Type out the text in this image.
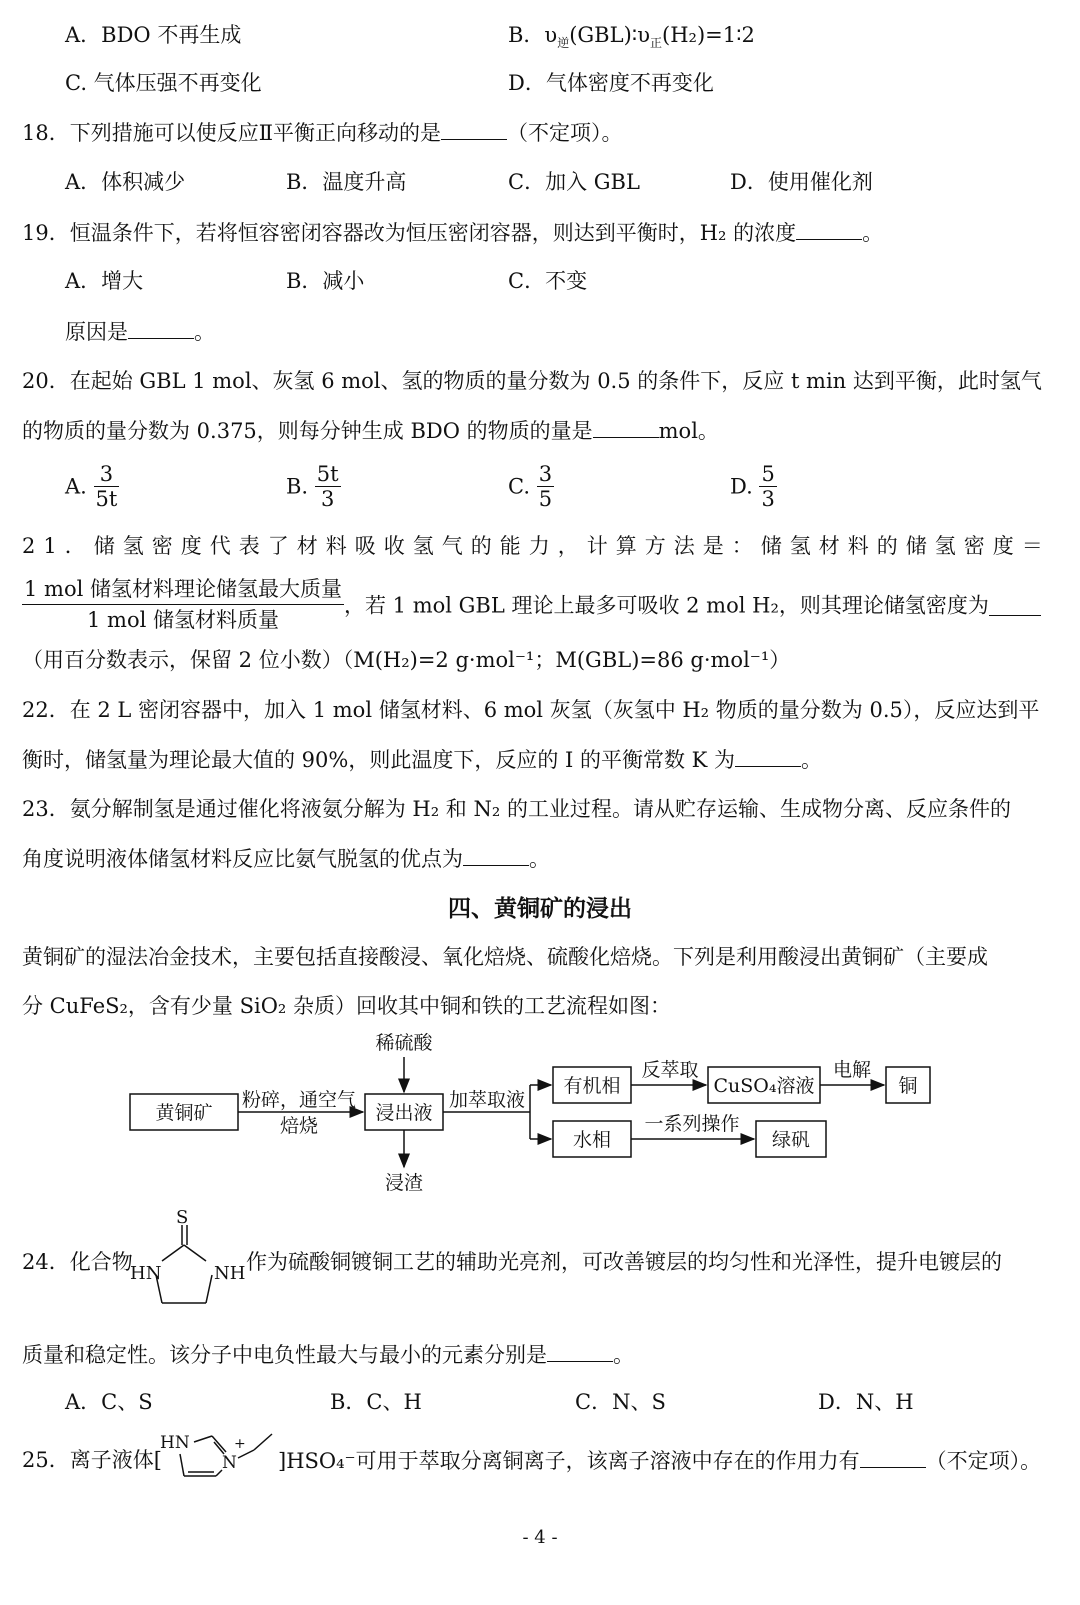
A．BDO 不再生成	B．$\upsilon_逆(GBL)∶\upsilon_正(H_2)=1∶2$
C. 气体压强不再变化	D．气体密度不再变化
18．下列措施可以使反应Ⅱ平衡正向移动的是	（不定项）。
A．体积减少	B．温度升高	C．加入 GBL	D．使用催化剂
19．恒温条件下，若将恒容密闭容器改为恒压密闭容器，则达到平衡时，H₂ 的浓度	。
A．增大	B．减小	C．不变
原因是	。
20．在起始 GBL 1 mol、灰氢 6 mol、氢的物质的量分数为 0.5 的条件下，反应 t min 达到平衡，此时氢气
的物质的量分数为 0.375，则每分钟生成 BDO 的物质的量是	mol。
A. $\frac{3}{5t}$	B. $\frac{5t}{3}$	C. $\frac{3}{5}$	D. $\frac{5}{3}$
21．储氢密度代表了材料吸收氢气的能力，计算方法是：储氢材料的储氢密度＝
$\frac{\text{1 mol 储氢材料理论储氢最大质量}}{\text{1 mol 储氢材料质量}}$ ，若 1 mol GBL 理论上最多可吸收 2 mol H₂，则其理论储氢密度为
（用百分数表示，保留 2 位小数）（M(H₂)=2 g·mol⁻¹；M(GBL)=86 g·mol⁻¹）
22．在 2 L 密闭容器中，加入 1 mol 储氢材料、6 mol 灰氢（灰氢中 H₂ 物质的量分数为 0.5），反应达到平
衡时，储氢量为理论最大值的 90%，则此温度下，反应的 I 的平衡常数 K 为	。
23．氨分解制氢是通过催化将液氨分解为 H₂ 和 N₂ 的工业过程。请从贮存运输、生成物分离、反应条件的
角度说明液体储氢材料反应比氨气脱氢的优点为	。
四、黄铜矿的浸出
黄铜矿的湿法冶金技术，主要包括直接酸浸、氧化焙烧、硫酸化焙烧。下列是利用酸浸出黄铜矿（主要成
分 CuFeS₂，含有少量 SiO₂ 杂质）回收其中铜和铁的工艺流程如图：
稀硫酸
黄铜矿
粉碎，通空气
焙烧
浸出液
加萃取液
浸渣
有机相
反萃取
CuSO₄溶液
电解
铜
水相
一系列操作
绿矾
24．化合物
S
HN	NH 作为硫酸铜镀铜工艺的辅助光亮剂，可改善镀层的均匀性和光泽性，提升电镀层的
质量和稳定性。该分子中电负性最大与最小的元素分别是	。
A．C、S	B．C、H	C．N、S	D．N、H
25．离子液体[
HN
N
+
]HSO₄⁻可用于萃取分离铜离子，该离子溶液中存在的作用力有	（不定项）。
- 4 -
